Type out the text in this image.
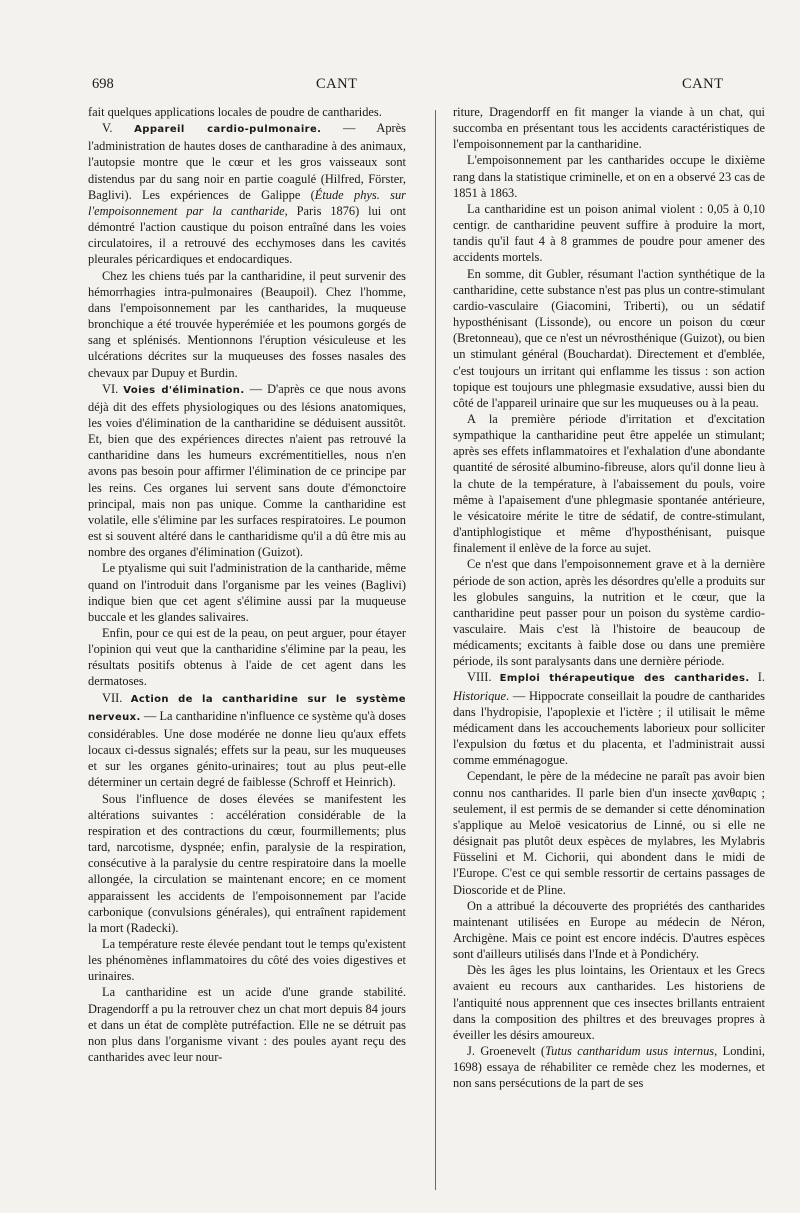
698	CANT	CANT

fait quelques applications locales de poudre de cantharides.

V. Appareil cardio-pulmonaire. — Après l'administration de hautes doses de cantharadine à des animaux, l'autopsie montre que le cœur et les gros vaisseaux sont distendus par du sang noir en partie coagulé (Hilfred, Förster, Baglivi). Les expériences de Galippe (Étude phys. sur l'empoisonnement par la cantharide, Paris 1876) lui ont démontré l'action caustique du poison entraîné dans les voies circulatoires, il a retrouvé des ecchymoses dans les cavités pleurales péricardiques et endocardiques.

Chez les chiens tués par la cantharidine, il peut survenir des hémorrhagies intra-pulmonaires (Beaupoil). Chez l'homme, dans l'empoisonnement par les cantharides, la muqueuse bronchique a été trouvée hyperémiée et les poumons gorgés de sang et splénisés. Mentionnons l'éruption vésiculeuse et les ulcérations décrites sur la muqueuses des fosses nasales des chevaux par Dupuy et Burdin.

VI. Voies d'élimination. — D'après ce que nous avons déjà dit des effets physiologiques ou des lésions anatomiques, les voies d'élimination de la cantharidine se déduisent aussitôt. Et, bien que des expériences directes n'aient pas retrouvé la cantharidine dans les humeurs excrémentitielles, nous n'en avons pas besoin pour affirmer l'élimination de ce principe par les reins. Ces organes lui servent sans doute d'émonctoire principal, mais non pas unique. Comme la cantharidine est volatile, elle s'élimine par les surfaces respiratoires. Le poumon est si souvent altéré dans le cantharidisme qu'il a dû être mis au nombre des organes d'élimination (Guizot).

Le ptyalisme qui suit l'administration de la cantharide, même quand on l'introduit dans l'organisme par les veines (Baglivi) indique bien que cet agent s'élimine aussi par la muqueuse buccale et les glandes salivaires.

Enfin, pour ce qui est de la peau, on peut arguer, pour étayer l'opinion qui veut que la cantharidine s'élimine par la peau, les résultats positifs obtenus à l'aide de cet agent dans les dermatoses.

VII. Action de la cantharidine sur le système nerveux. — La cantharidine n'influence ce système qu'à doses considérables. Une dose modérée ne donne lieu qu'aux effets locaux ci-dessus signalés; effets sur la peau, sur les muqueuses et sur les organes génito-urinaires; tout au plus peut-elle déterminer un certain degré de faiblesse (Schroff et Heinrich).

Sous l'influence de doses élevées se manifestent les altérations suivantes : accélération considérable de la respiration et des contractions du cœur, fourmillements; plus tard, narcotisme, dyspnée; enfin, paralysie de la respiration, consécutive à la paralysie du centre respiratoire dans la moelle allongée, la circulation se maintenant encore; en ce moment apparaissent les accidents de l'empoisonnement par l'acide carbonique (convulsions générales), qui entraînent rapidement la mort (Radecki).

La température reste élevée pendant tout le temps qu'existent les phénomènes inflammatoires du côté des voies digestives et urinaires.

La cantharidine est un acide d'une grande stabilité. Dragendorff a pu la retrouver chez un chat mort depuis 84 jours et dans un état de complète putréfaction. Elle ne se détruit pas non plus dans l'organisme vivant : des poules ayant reçu des cantharides avec leur nour-

riture, Dragendorff en fit manger la viande à un chat, qui succomba en présentant tous les accidents caractéristiques de l'empoisonnement par la cantharidine.

L'empoisonnement par les cantharides occupe le dixième rang dans la statistique criminelle, et on en a observé 23 cas de 1851 à 1863.

La cantharidine est un poison animal violent : 0,05 à 0,10 centigr. de cantharidine peuvent suffire à produire la mort, tandis qu'il faut 4 à 8 grammes de poudre pour amener des accidents mortels.

En somme, dit Gubler, résumant l'action synthétique de la cantharidine, cette substance n'est pas plus un contre-stimulant cardio-vasculaire (Giacomini, Triberti), ou un sédatif hyposthénisant (Lissonde), ou encore un poison du cœur (Bretonneau), que ce n'est un névrosthénique (Guizot), ou bien un stimulant général (Bouchardat). Directement et d'emblée, c'est toujours un irritant qui enflamme les tissus : son action topique est toujours une phlegmasie exsudative, aussi bien du côté de l'appareil urinaire que sur les muqueuses ou à la peau.

A la première période d'irritation et d'excitation sympathique la cantharidine peut être appelée un stimulant; après ses effets inflammatoires et l'exhalation d'une abondante quantité de sérosité albumino-fibreuse, alors qu'il donne lieu à la chute de la température, à l'abaissement du pouls, voire même à l'apaisement d'une phlegmasie spontanée antérieure, le vésicatoire mérite le titre de sédatif, de contre-stimulant, d'antiphlogistique et même d'hyposthénisant, puisque finalement il enlève de la force au sujet.

Ce n'est que dans l'empoisonnement grave et à la dernière période de son action, après les désordres qu'elle a produits sur les globules sanguins, la nutrition et le cœur, que la cantharidine peut passer pour un poison du système cardio-vasculaire. Mais c'est là l'histoire de beaucoup de médicaments; excitants à faible dose ou dans une première période, ils sont paralysants dans une dernière période.

VIII. Emploi thérapeutique des cantharides. I. Historique. — Hippocrate conseillait la poudre de cantharides dans l'hydropisie, l'apoplexie et l'ictère ; il utilisait le même médicament dans les accouchements laborieux pour solliciter l'expulsion du fœtus et du placenta, et l'administrait aussi comme emménagogue.

Cependant, le père de la médecine ne paraît pas avoir bien connu nos cantharides. Il parle bien d'un insecte χανθαρις ; seulement, il est permis de se demander si cette dénomination s'applique au Meloë vesicatorius de Linné, ou si elle ne désignait pas plutôt deux espèces de mylabres, les Mylabris Füsselini et M. Cichorii, qui abondent dans le midi de l'Europe. C'est ce qui semble ressortir de certains passages de Dioscoride et de Pline.

On a attribué la découverte des propriétés des cantharides maintenant utilisées en Europe au médecin de Néron, Archigène. Mais ce point est encore indécis. D'autres espèces sont d'ailleurs utilisés dans l'Inde et à Pondichéry.

Dès les âges les plus lointains, les Orientaux et les Grecs avaient eu recours aux cantharides. Les historiens de l'antiquité nous apprennent que ces insectes brillants entraient dans la composition des philtres et des breuvages propres à éveiller les désirs amoureux.

J. Groenevelt (Tutus cantharidum usus internus, Londini, 1698) essaya de réhabiliter ce remède chez les modernes, et non sans persécutions de la part de ses
